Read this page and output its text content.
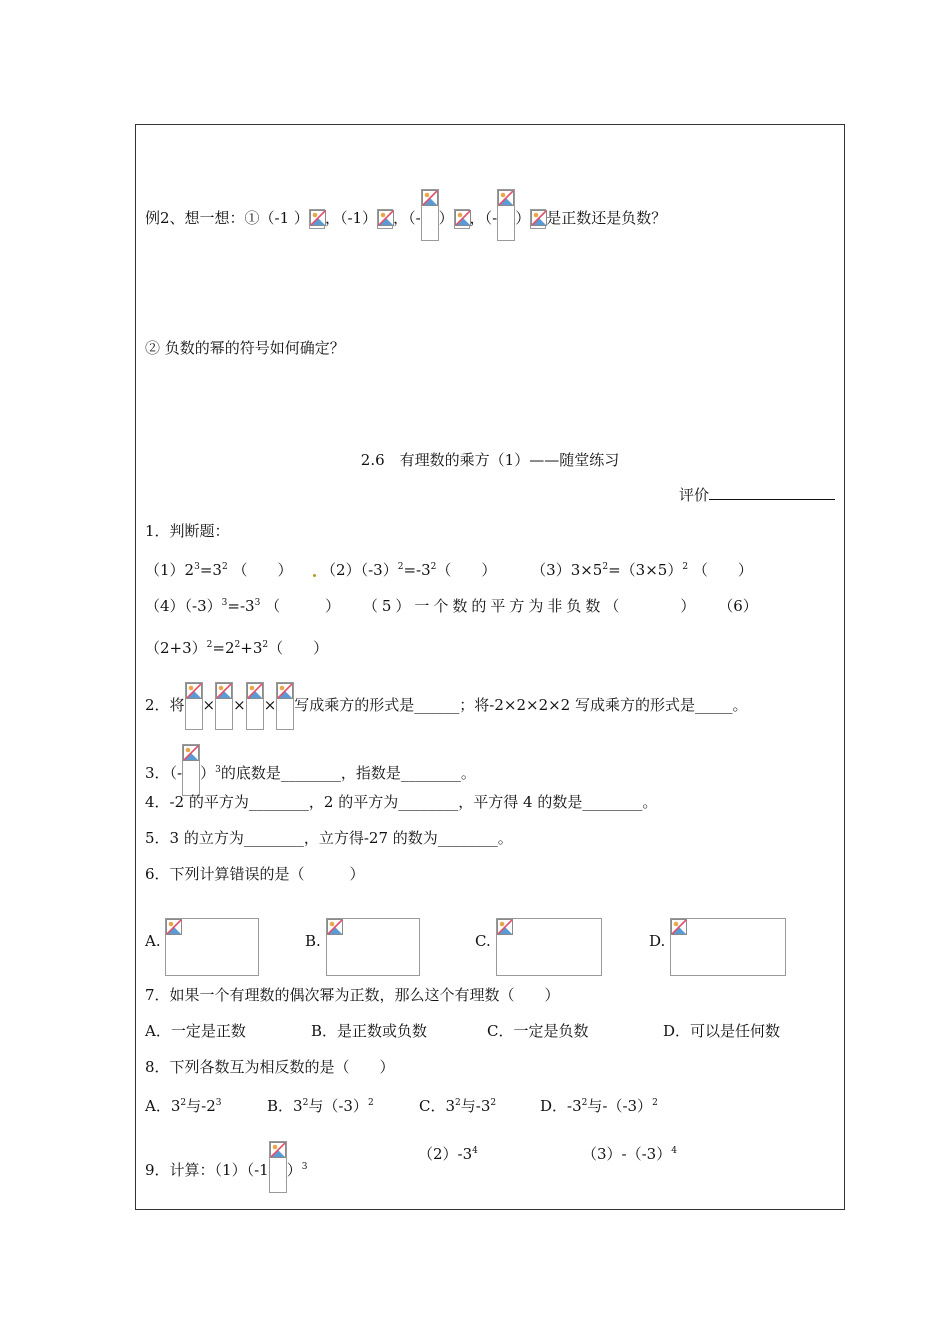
例2、想一想：①（-1 ） ，（-1） ，（- ） ，（- ） 是正数还是负数？
② 负数的幂的符号如何确定？
2.6　有理数的乘方（1）——随堂练习
评价
1．判断题：
$(1)2^3=3^2$ （　　） $(2)(-3)^2=-3^2$（　　） $(3)3\times 5^2=(3\times 5)^2$ （　　）
$(4)(-3)^3=-3^3$ （　　　） （5）一个数的平方为非负数（　　　） （6）
$(2+3)^2=2^2+3^2$（　　）
2．将 × × × 写成乘方的形式是______；将-2×2×2×2 写成乘方的形式是_____。
3．（- ）$^3$的底数是________，指数是________。
4．-2 的平方为________，2 的平方为________，平方得 4 的数是________。
5．3 的立方为________，立方得-27 的数为________。
6．下列计算错误的是（　　　）
A.	B.	C.	D.
7．如果一个有理数的偶次幂为正数，那么这个有理数（　　）
A．一定是正数	B．是正数或负数	C．一定是负数	D．可以是任何数
8．下列各数互为相反数的是（　　）
A．$3^2$与$-2^3$	B．$3^2$与$(-3)^2$	C．$3^2$与$-3^2$	D．$-3^2$与$-(-3)^2$
9．计算：（1）（-1 ）$^3$
$(2)-3^4$	$(3)-(-3)^4$
